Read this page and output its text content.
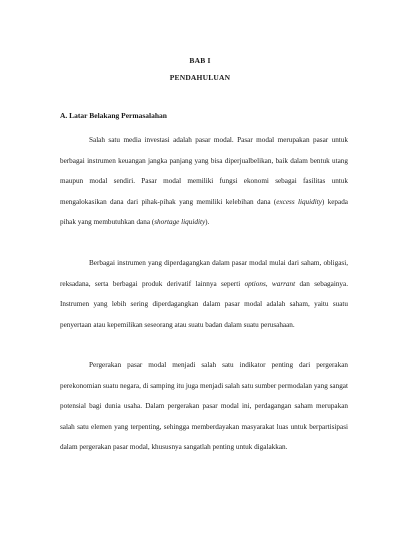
BAB I
PENDAHULUAN
A. Latar Belakang Permasalahan

Salah satu media investasi adalah pasar modal. Pasar modal merupakan pasar untuk berbagai instrumen keuangan jangka panjang yang bisa diperjualbelikan, baik dalam bentuk utang maupun modal sendiri. Pasar modal memiliki fungsi ekonomi sebagai fasilitas untuk mengalokasikan dana dari pihak-pihak yang memiliki kelebihan dana (excess liquidity) kepada pihak yang membutuhkan dana (shortage liquidity).

Berbagai instrumen yang diperdagangkan dalam pasar modal mulai dari saham, obligasi, reksadana, serta berbagai produk derivatif lainnya seperti options, warrant dan sebagainya. Instrumen yang lebih sering diperdagangkan dalam pasar modal adalah saham, yaitu suatu penyertaan atau kepemilikan seseorang atau suatu badan dalam suatu perusahaan.

Pergerakan pasar modal menjadi salah satu indikator penting dari pergerakan perekonomian suatu negara, di samping itu juga menjadi salah satu sumber permodalan yang sangat potensial bagi dunia usaha. Dalam pergerakan pasar modal ini, perdagangan saham merupakan salah satu elemen yang terpenting, sehingga memberdayakan masyarakat luas untuk berpartisipasi dalam pergerakan pasar modal, khususnya sangatlah penting untuk digalakkan.
